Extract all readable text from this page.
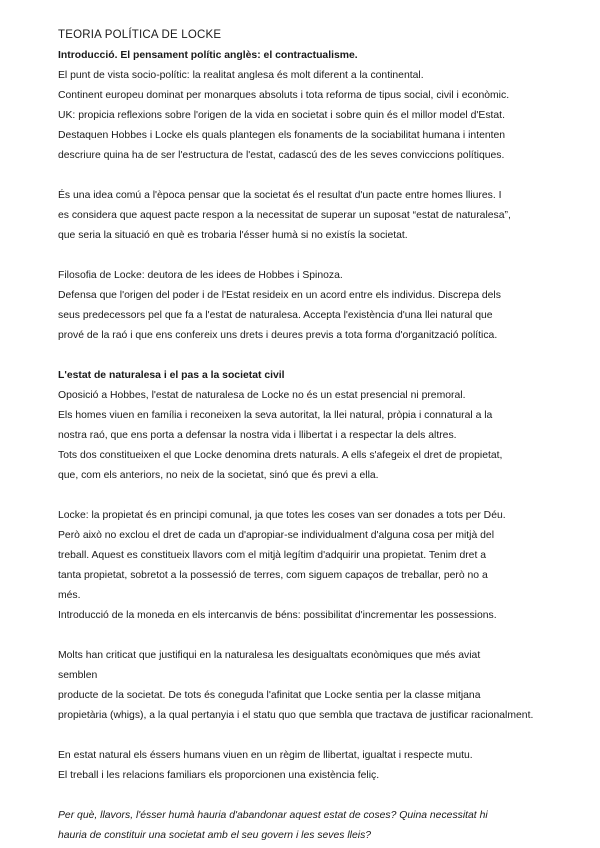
TEORIA POLÍTICA DE LOCKE
Introducció. El pensament polític anglès: el contractualisme.
El punt de vista socio-polític: la realitat anglesa és molt diferent a la continental.
Continent europeu dominat per monarques absoluts i tota reforma de tipus social, civil i econòmic.
UK: propicia reflexions sobre l'origen de la vida en societat i sobre quin és el millor model d'Estat.
Destaquen Hobbes i Locke els quals plantegen els fonaments de la sociabilitat humana i intenten
descriure quina ha de ser l'estructura de l'estat, cadascú des de les seves conviccions polítiques.
És una idea comú a l'època pensar que la societat és el resultat d'un pacte entre homes lliures. I
es considera que aquest pacte respon a la necessitat de superar un suposat “estat de naturalesa”,
que seria la situació en què es trobaria l'ésser humà si no existís la societat.
Filosofia de Locke: deutora de les idees de Hobbes i Spinoza.
Defensa que l'origen del poder i de l'Estat resideix en un acord entre els individus. Discrepa dels
seus predecessors pel que fa a l'estat de naturalesa. Accepta l'existència d'una llei natural que
prové de la raó i que ens confereix uns drets i deures previs a tota forma d'organització política.
L'estat de naturalesa i el pas a la societat civil
Oposició a Hobbes, l'estat de naturalesa de Locke no és un estat presencial ni premoral.
Els homes viuen en família i reconeixen la seva autoritat, la llei natural, pròpia i connatural a la
nostra raó, que ens porta a defensar la nostra vida i llibertat i a respectar la dels altres.
Tots dos constitueixen el que Locke denomina drets naturals. A ells s'afegeix el dret de propietat,
que, com els anteriors, no neix de la societat, sinó que és previ a ella.
Locke: la propietat és en principi comunal, ja que totes les coses van ser donades a tots per Déu.
Però això no exclou el dret de cada un d'apropiar-se individualment d'alguna cosa per mitjà del
treball. Aquest es constitueix llavors com el mitjà legítim d'adquirir una propietat. Tenim dret a
tanta propietat, sobretot a la possessió de terres, com siguem capaços de treballar, però no a
més.
Introducció de la moneda en els intercanvis de béns: possibilitat d'incrementar les possessions.
Molts han criticat que justifiqui en la naturalesa les desigualtats econòmiques que més aviat
semblen
producte de la societat. De tots és coneguda l'afinitat que Locke sentia per la classe mitjana
propietària (whigs), a la qual pertanyia i el statu quo que sembla que tractava de justificar racionalment.
En estat natural els éssers humans viuen en un règim de llibertat, igualtat i respecte mutu.
El treball i les relacions familiars els proporcionen una existència feliç.
Per què, llavors, l'ésser humà hauria d'abandonar aquest estat de coses? Quina necessitat hi
hauria de constituir una societat amb el seu govern i les seves lleis?
